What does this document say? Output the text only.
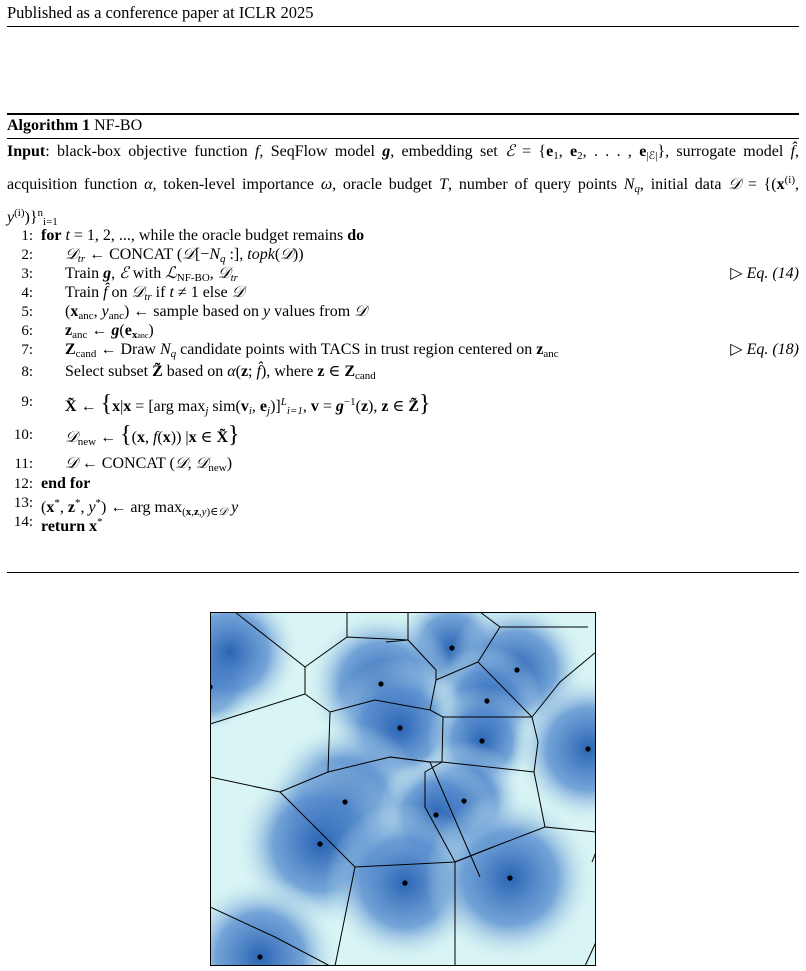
Published as a conference paper at ICLR 2025
Algorithm 1 NF-BO
Input: black-box objective function f, SeqFlow model g, embedding set ℰ = {$e_1$, $e_2$, . . . , $e_{|ℰ|}$}, surrogate model f̂, acquisition function α, token-level importance ω, oracle budget T, number of query points $N_q$, initial data 𝒟 = {($x^{(i)}$, $y^{(i)})\}^n_{i=1}$
1: for t = 1, 2, ..., while the oracle budget remains do
2: 𝒟$_{tr}$ ← CONCAT ($𝒟[-N_q$ :], topk(𝒟))
3: Train g, ℰ with ℒ$_{NF-BO}$, 𝒟$_{tr}$	▷ Eq. (14)
4: Train f̂ on 𝒟$_{tr}$ if t ≠ 1 else 𝒟
5: ($x_{anc}$, $y_{anc}$) ← sample based on y values from 𝒟
6: $z_{anc}$ ← $g(e_{xanc})$
7: $Z_{cand}$ ← Draw $N_q$ candidate points with TACS in trust region centered on $z_{anc}$	▷ Eq. (18)
8: Select subset Z̃ based on α(z; f̂), where z ∈ $Z_{cand}$
9: X̃ ← {x|x = [arg $\max_j sim(v_i$, $e_j)]^L_{i=1}$, $v = g^{-1}(z)$, z ∈ Z̃}
10: 𝒟$_{new}$ ← {(x, f(x)) |x ∈ X̃}
11: 𝒟 ← CONCAT (𝒟, 𝒟$_{new}$)
12: end for
13: (x*, z*, y*) ← arg $\max_{(x,z,y)\in 𝒟} y$
14: return x*
